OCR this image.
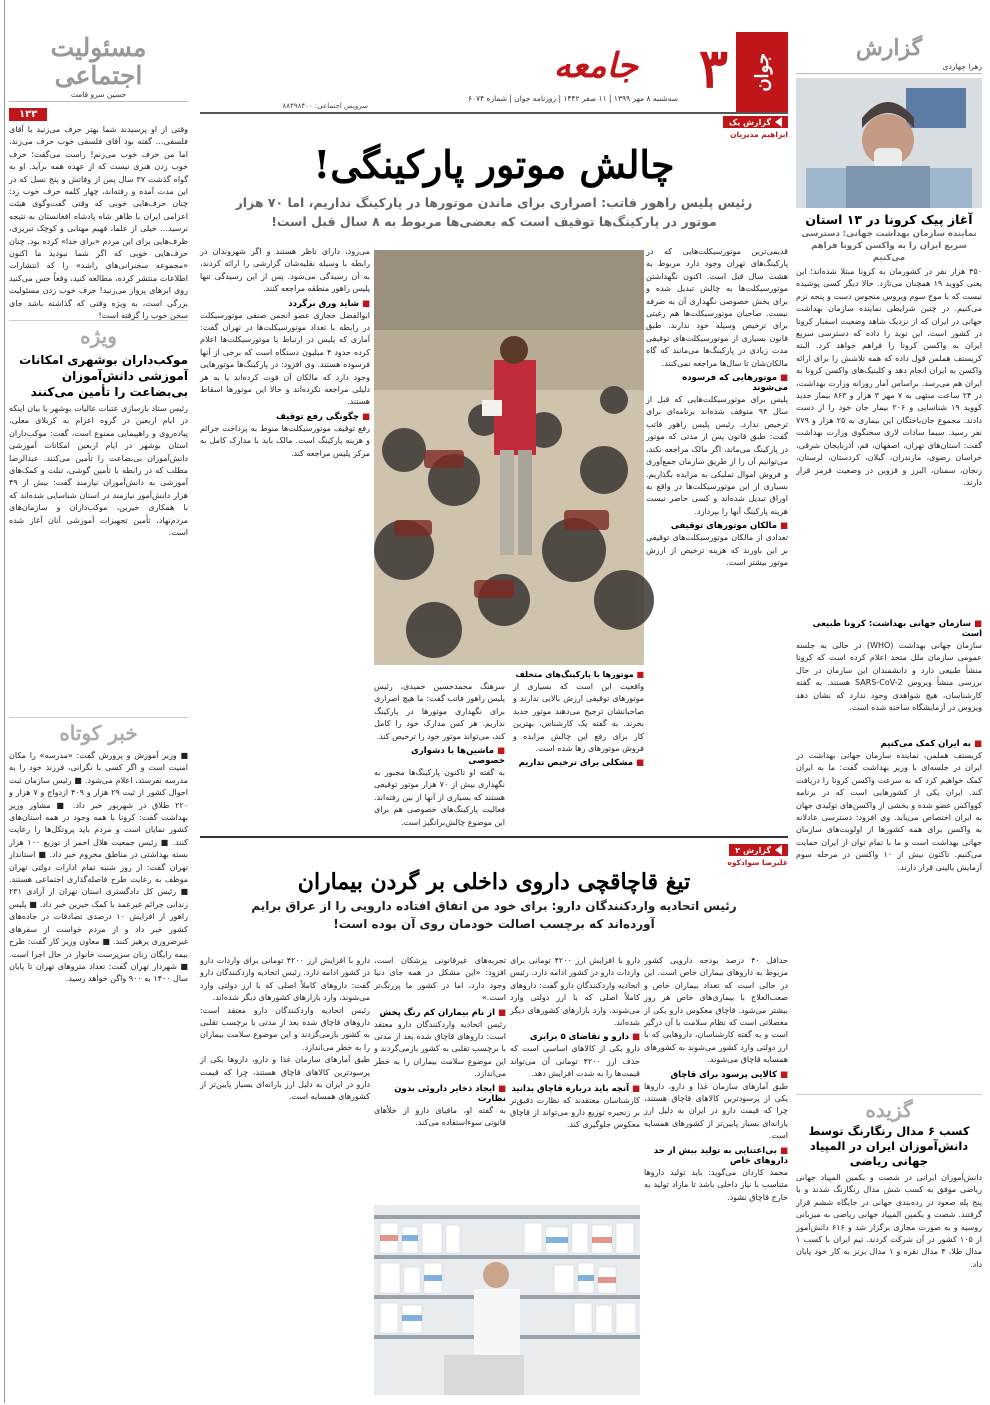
مسئولیت اجتماعی
حسین سرو قامت
۱۳۳
وقتی از او پرسیدند شما بهتر حرف می‌زنید یا آقای فلسفی… گفته بود آقای فلسفی خوب حرف می‌زند، اما من حرف خوب می‌زنم! راست می‌گفت؛ حرف خوب زدن هنری نیست که از عهده همه برآید. او به گواه گذشت ۳۷ سال پس از وفاتش و پنج نسل که در این مدت آمده و رفته‌اند، چهار کلمه حرف خوب زد: چنان حرف‌هایی خوبی که وقتی گفت‌وگوی هیئت اعزامی ایران با ظاهر شاه پادشاه افغانستان به نتیجه نرسید… خیلی از علما، فهیم مهتابی و کوچک تبریزی، ظرف‌هایی برای این مردم «برای خدا» کرده بود. چنان حرف‌هایی خوبی که اگر شما نبودید ما اکنون «مجموعه سخنرانی‌های راشد» را که انتشارات اطلاعات منتشر کرده، مطالعه کنید، وقعاً حس می‌کنید روی ابرهای پرواز می‌زنید! حرف خوب زدن مسئولیت بزرگی است، به ویژه وقتی که گذاشته باشد جای سخن خوب را گرفته است!
ویژه
موکب‌داران بوشهری امکانات آموزشی دانش‌آموزان بی‌بضاعت را تأمین می‌کنند
رئیس ستاد بازسازی عتبات عالیات بوشهر با بیان اینکه در ایام اربعین در گروه اعزام به کربلای معلی، پیاده‌روی و راهپیمایی ممنوع است، گفت: موکب‌داران استان بوشهر در ایام اربعین امکانات آموزشی دانش‌آموزان بی‌بضاعت را تأمین می‌کنند. عبدالرضا مطلب که در رابطه با تأمین گوشی، تبلت و کمک‌های آموزشی به دانش‌آموزان نیازمند گفت: بیش از ۴۹ هزار دانش‌آموز نیازمند در استان شناسایی شده‌اند که با همکاری خیرین، موکب‌داران و سازمان‌های مردم‌نهاد، تأمین تجهیزات آموزشی آنان آغاز شده است.
خبر کوتاه
■ وزیر آموزش و پرورش گفت: «مدرسه» را مکان امنیت است و اگر کسی با نگرانی، فرزند خود را به مدرسه نفرستد، اعلام می‌شود. ■ رئیس سازمان ثبت احوال کشور از ثبت ۲۹ هزار و ۴۰۹ ازدواج و ۷ هزار و ۲۲۰ طلاق در شهریور خبر داد. ■ مشاور وزیر بهداشت گفت: کرونا با همه وجود در همه استان‌های کشور نمایان است و مردم باید پروتکل‌ها را رعایت کنند. ■ رئیس جمعیت هلال احمر از توزیع ۱۰۰ هزار بسته بهداشتی در مناطق محروم خبر داد. ■ استاندار تهران گفت: از روز شنبه تمام ادارات دولتی تهران موظف به رعایت طرح فاصله‌گذاری اجتماعی هستند. ■ رئیس کل دادگستری استان تهران از آزادی ۲۳۱ زندانی جرائم غیرعمد با کمک خیرین خبر داد. ■ پلیس راهور از افزایش ۱۰ درصدی تصادفات در جاده‌های کشور خبر داد و از مردم خواست از سفرهای غیرضروری پرهیز کنند. ■ معاون وزیر کار گفت: طرح بیمه رایگان زنان سرپرست خانوار در حال اجرا است. ■ شهردار تهران گفت: تعداد متروهای تهران تا پایان سال ۱۴۰۰ به ۹۰۰ واگن خواهد رسید.
جوان
۳
جامعه
سه‌شنبه ۸ مهر ۱۳۹۹ | ۱۱ صفر ۱۴۴۲ | روزنامه جوان | شماره ۶۰۷۴
سرویس اجتماعی: ۸۸۴۹۸۴۰۰
گزارش یک
ابراهیم مدیریان
چالش موتور پارکینگی!
رئیس پلیس راهور فاتب: اصراری برای ماندن موتورها در پارکینگ نداریم، اما ۷۰ هزار موتور در پارکینگ‌ها توقیف است که بعضی‌ها مربوط به ۸ سال قبل است!
قدیمی‌ترین موتورسیکلت‌هایی که در پارکینگ‌های تهران وجود دارد مربوط به هشت سال قبل است. اکنون نگهداشتن موتورسیکلت‌ها به چالش تبدیل شده و برای بخش خصوصی نگهداری آن به صرفه نیست. صاحبان موتورسیکلت‌ها هم رغبتی برای ترخیص وسیله خود ندارند. طبق قانون بسیاری از موتورسیکلت‌های توقیفی مدت زیادی در پارکینگ‌ها می‌مانند که گاه مالکان‌شان تا سال‌ها مراجعه نمی‌کنند.
■ موتورهایی که فرسوده می‌شوند
پلیس برای موتورسیکلت‌هایی که قبل از سال ۹۴ متوقف شده‌اند برنامه‌ای برای ترخیص ندارد. رئیس پلیس راهور فاتب گفت: طبق قانون پس از مدتی که موتور در پارکینگ می‌ماند، اگر مالک مراجعه نکند، می‌توانیم آن را از طریق سازمان جمع‌آوری و فروش اموال تملیکی به مزایده بگذاریم. بسیاری از این موتورسیکلت‌ها در واقع به اوراق تبدیل شده‌اند و کسی حاضر نیست هزینه پارکینگ آنها را بپردازد.
■ مالکان موتورهای توقیفی
تعدادی از مالکان موتورسیکلت‌های توقیفی بر این باورند که هزینه ترخیص از ارزش موتور بیشتر است.
می‌رود، دارای ناظر هستند و اگر شهروندان در رابطه با وسیله نقلیه‌شان گزارشی را ارائه کردند، به آن رسیدگی می‌شود. پس از این رسیدگی تنها پلیس راهور منطقه مراجعه کنند.
■ شاید ورق برگردد
ابوالفضل حجازی عضو انجمن صنفی موتورسیکلت در رابطه با تعداد موتورسیکلت‌ها در تهران گفت: آماری که پلیس در ارتباط با موتورسیکلت‌ها اعلام کرده حدود ۴ میلیون دستگاه است که برخی از آنها فرسوده هستند. وی افزود: در پارکینگ‌ها موتورهایی وجود دارد که مالکان آن فوت کرده‌اند یا به هر دلیلی مراجعه نکرده‌اند و حالا این موتورها اسقاط هستند.
■ چگونگی رفع توقیف
رفع توقیف موتورسیکلت‌ها منوط به پرداخت جرائم و هزینه پارکینگ است. مالک باید با مدارک کامل به مرکز پلیس مراجعه کند.
■ موتورها با پارکینگ‌های متخلف
واقعیت این است که بسیاری از موتورهای توقیفی ارزش بالایی ندارند و صاحبانشان ترجیح می‌دهند موتور جدید بخرند. به گفته یک کارشناس، بهترین کار برای رفع این چالش مزایده و فروش موتورهای رها شده است.
■ مشکلی برای ترخیص نداریم
سرهنگ محمدحسین حمیدی، رئیس پلیس راهور فاتب گفت: ما هیچ اصراری برای نگهداری موتورها در پارکینگ نداریم. هر کس مدارک خود را کامل کند، می‌تواند موتور خود را ترخیص کند.
■ ماشین‌ها با دشواری خصوصی
به گفته او تاکنون پارکینگ‌ها مجبور به نگهداری بیش از ۷۰ هزار موتور توقیفی هستند که بسیاری از آنها از بین رفته‌اند. فعالیت پارکینگ‌های خصوصی هم برای این موضوع چالش‌برانگیز است.
گزارش ۲
علیرضا سوادکوه
تیغ قاچاقچی داروی داخلی بر گردن بیماران
رئیس اتحادیه واردکنندگان دارو: برای خود من اتفاق افتاده دارویی را از عراق برایم آورده‌اند که برچسب اصالت خودمان روی آن بوده است!
حداقل ۴۰ درصد بودجه دارویی کشور مربوط به داروهای بیماران خاص است. این در حالی است که تعداد بیماران خاص و صعب‌العلاج با بیماری‌های خاص هر روز بیشتر می‌شود. قاچاق معکوس دارو یکی از معضلاتی است که نظام سلامت با آن درگیر است و به گفته کارشناسان، داروهایی که با ارز دولتی وارد کشور می‌شوند به کشورهای همسایه قاچاق می‌شوند.
■ کالایی پرسود برای قاچاق
طبق آمارهای سازمان غذا و دارو، داروها یکی از پرسودترین کالاهای قاچاق هستند، چرا که قیمت دارو در ایران به دلیل ارز یارانه‌ای بسیار پایین‌تر از کشورهای همسایه است.
■ بی‌اعتنایی به تولید بیش از حد داروهای خاص
محمد کاردان می‌گوید: باید تولید داروها متناسب با نیاز داخلی باشد تا مازاد تولید به خارج قاچاق نشود.
دارو با افزایش ارز ۴۲۰۰ تومانی برای واردات دارو در کشور ادامه دارد. رئیس اتحادیه واردکنندگان دارو گفت: داروهای کاملاً اصلی که با ارز دولتی وارد می‌شوند، وارد بازارهای کشورهای دیگر شده‌اند.
■ دارو و تقاضای ۵ برابری
دارو یکی از کالاهای اساسی است که حذف ارز ۴۲۰۰ تومانی آن می‌تواند قیمت‌ها را به شدت افزایش دهد.
■ آنچه باید درباره قاچاق بدانید
کارشناسان معتقدند که نظارت دقیق‌تر بر زنجیره توزیع دارو می‌تواند از قاچاق معکوس جلوگیری کند.
تجربه‌های غیرقانونی پزشکان است، افزود: «این مشکل در همه جای دنیا وجود دارد، اما در کشور ما پررنگ‌تر است.»
■ از نام بیماران کم رنگ پخش
رئیس اتحادیه واردکنندگان دارو معتقد است: داروهای قاچاق شده بعد از مدتی با برچسب تقلبی به کشور بازمی‌گردند و این موضوع سلامت بیماران را به خطر می‌اندازد.
■ ایجاد ذخایر داروئی بدون نظارت
به گفته او، مافیای دارو از خلأهای قانونی سوءاستفاده می‌کند.
دارو با افزایش ارز ۴۲۰۰ تومانی برای واردات دارو در کشور ادامه دارد. رئیس اتحادیه واردکنندگان دارو گفت: داروهای کاملاً اصلی که با ارز دولتی وارد می‌شوند، وارد بازارهای کشورهای دیگر شده‌اند.
رئیس اتحادیه واردکنندگان دارو معتقد است: داروهای قاچاق شده بعد از مدتی با برچسب تقلبی به کشور بازمی‌گردند و این موضوع سلامت بیماران را به خطر می‌اندازد.
طبق آمارهای سازمان غذا و دارو، داروها یکی از پرسودترین کالاهای قاچاق هستند، چرا که قیمت دارو در ایران به دلیل ارز یارانه‌ای بسیار پایین‌تر از کشورهای همسایه است.
گزارش
زهرا چهاردی
آغاز پیک کرونا در ۱۳ استان
نماینده سازمان بهداشت جهانی: دسترسی سریع ایران را به واکسن کرونا فراهم می‌کنیم
۴۵۰ هزار نفر در کشورمان به کرونا مبتلا شده‌اند؛ این یعنی کووید ۱۹ همچنان می‌تازد. حالا دیگر کسی پوشیده نیست که با موج سوم ویروس منحوس دست و پنجه نرم می‌کنیم. در چنین شرایطی نماینده سازمان بهداشت جهانی در ایران که از نزدیک شاهد وضعیت اسفبار کرونا در کشور است، این نوید را داده که دسترسی سریع ایران به واکسن کرونا را فراهم خواهد کرد. البته کریستف هملمن قول داده که همه تلاشش را برای ارائه واکسن به ایران انجام دهد و کلینیک‌های واکسن کرونا به ایران هم می‌رسد. براساس آمار روزانه وزارت بهداشت، در ۲۴ ساعت منتهی به ۷ مهر ۳ هزار و ۸۶۳ بیمار جدید کووید ۱۹ شناسایی و ۲۰۶ بیمار جان خود را از دست دادند. مجموع جان‌باختگان این بیماری به ۲۵ هزار و ۷۷۹ نفر رسید. سیما سادات لاری سخنگوی وزارت بهداشت گفت: استان‌های تهران، اصفهان، قم، آذربایجان شرقی، خراسان رضوی، مازندران، گیلان، کردستان، لرستان، زنجان، سمنان، البرز و قزوین در وضعیت قرمز قرار دارند.
■ سازمان جهانی بهداشت: کرونا طبیعی است
سازمان جهانی بهداشت (WHO) در حالی به جلسه عمومی سازمان ملل متحد اعلام کرده است که کرونا منشأ طبیعی دارد و دانشمندان این سازمان در حال بررسی منشأ ویروس SARS-CoV-2 هستند. به گفته کارشناسان، هیچ شواهدی وجود ندارد که نشان دهد ویروس در آزمایشگاه ساخته شده است.
■ به ایران کمک می‌کنیم
کریستف هملمن، نماینده سازمان جهانی بهداشت در ایران در جلسه‌ای با وزیر بهداشت گفت: ما به ایران کمک خواهیم کرد که به سرعت واکسن کرونا را دریافت کند. ایران یکی از کشورهایی است که در برنامه کوواکس عضو شده و بخشی از واکسن‌های تولیدی جهان به ایران اختصاص می‌یابد. وی افزود: دسترسی عادلانه به واکسن برای همه کشورها از اولویت‌های سازمان جهانی بهداشت است و ما با تمام توان از ایران حمایت می‌کنیم. تاکنون بیش از ۱۰ واکسن در مرحله سوم آزمایش بالینی قرار دارند.
گزیده
کسب ۶ مدال رنگارنگ توسط دانش‌آموزان ایران در المپیاد جهانی ریاضی
دانش‌آموزان ایرانی در شصت و یکمین المپیاد جهانی ریاضی موفق به کسب شش مدال رنگارنگ شدند و با پنج پله صعود در رده‌بندی جهانی در جایگاه ششم قرار گرفتند. شصت و یکمین المپیاد جهانی ریاضی به میزبانی روسیه و به صورت مجازی برگزار شد و ۶۱۶ دانش‌آموز از ۱۰۵ کشور در آن شرکت کردند. تیم ایران با کسب ۱ مدال طلا، ۴ مدال نقره و ۱ مدال برنز به کار خود پایان داد.
